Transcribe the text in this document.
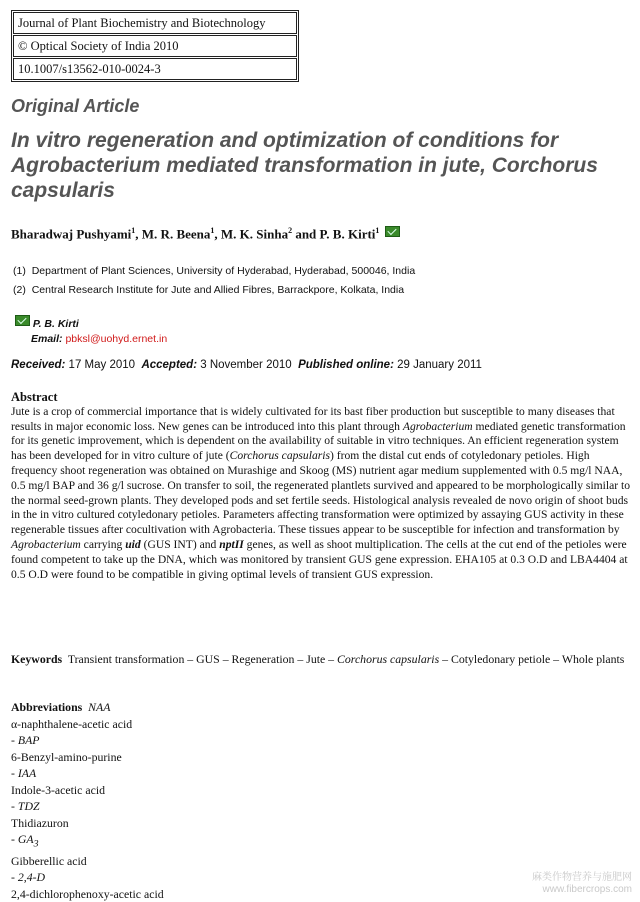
Journal of Plant Biochemistry and Biotechnology
© Optical Society of India 2010
10.1007/s13562-010-0024-3
Original Article
In vitro regeneration and optimization of conditions for Agrobacterium mediated transformation in jute, Corchorus capsularis
Bharadwaj Pushyami$^1$, M. R. Beena$^1$, M. K. Sinha$^2$ and P. B. Kirti$^1$
(1) Department of Plant Sciences, University of Hyderabad, Hyderabad, 500046, India
(2) Central Research Institute for Jute and Allied Fibres, Barrackpore, Kolkata, India
P. B. Kirti
Email: pbksl@uohyd.ernet.in
Received: 17 May 2010 Accepted: 3 November 2010 Published online: 29 January 2011
Abstract
Jute is a crop of commercial importance that is widely cultivated for its bast fiber production but susceptible to many diseases that results in major economic loss. New genes can be introduced into this plant through Agrobacterium mediated genetic transformation for its genetic improvement, which is dependent on the availability of suitable in vitro techniques. An efficient regeneration system has been developed for in vitro culture of jute (Corchorus capsularis) from the distal cut ends of cotyledonary petioles. High frequency shoot regeneration was obtained on Murashige and Skoog (MS) nutrient agar medium supplemented with 0.5 mg/l NAA, 0.5 mg/l BAP and 36 g/l sucrose. On transfer to soil, the regenerated plantlets survived and appeared to be morphologically similar to the normal seed-grown plants. They developed pods and set fertile seeds. Histological analysis revealed de novo origin of shoot buds in the in vitro cultured cotyledonary petioles. Parameters affecting transformation were optimized by assaying GUS activity in these regenerable tissues after cocultivation with Agrobacteria. These tissues appear to be susceptible for infection and transformation by Agrobacterium carrying uid (GUS INT) and nptII genes, as well as shoot multiplication. The cells at the cut end of the petioles were found competent to take up the DNA, which was monitored by transient GUS gene expression. EHA105 at 0.3 O.D and LBA4404 at 0.5 O.D were found to be compatible in giving optimal levels of transient GUS expression.
Keywords Transient transformation – GUS – Regeneration – Jute – Corchorus capsularis – Cotyledonary petiole – Whole plants
Abbreviations NAA
α-naphthalene-acetic acid
- BAP
6-Benzyl-amino-purine
- IAA
Indole-3-acetic acid
- TDZ
Thidiazuron
- $GA_3$
Gibberellic acid
- 2,4-D
2,4-dichlorophenoxy-acetic acid
麻类作物营养与施肥网
www.fibercrops.com
